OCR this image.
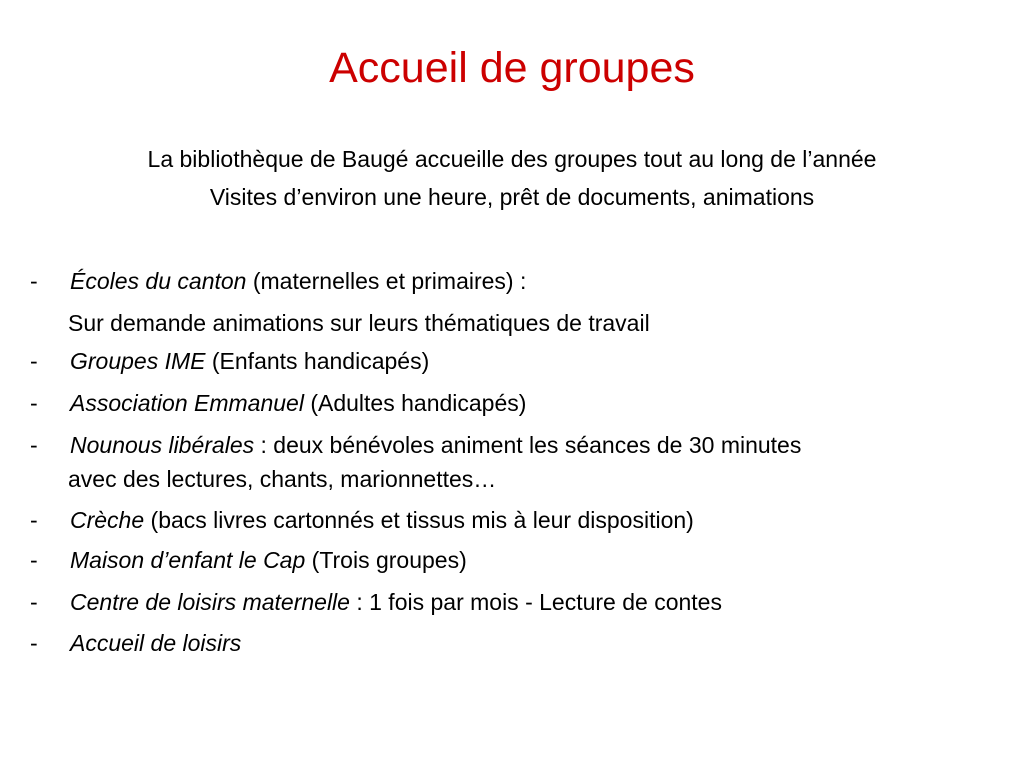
Accueil de groupes
La bibliothèque de Baugé accueille des groupes tout au long de l’année
Visites d’environ une heure, prêt de documents, animations
- Écoles du canton (maternelles et primaires) :
Sur demande animations sur leurs thématiques de travail
- Groupes IME (Enfants handicapés)
- Association Emmanuel (Adultes handicapés)
- Nounous libérales : deux bénévoles animent les séances de 30 minutes
avec des lectures, chants, marionnettes…
- Crèche (bacs livres cartonnés et tissus mis à leur disposition)
- Maison d’enfant le Cap (Trois groupes)
- Centre de loisirs maternelle : 1 fois par mois - Lecture de contes
- Accueil de loisirs
